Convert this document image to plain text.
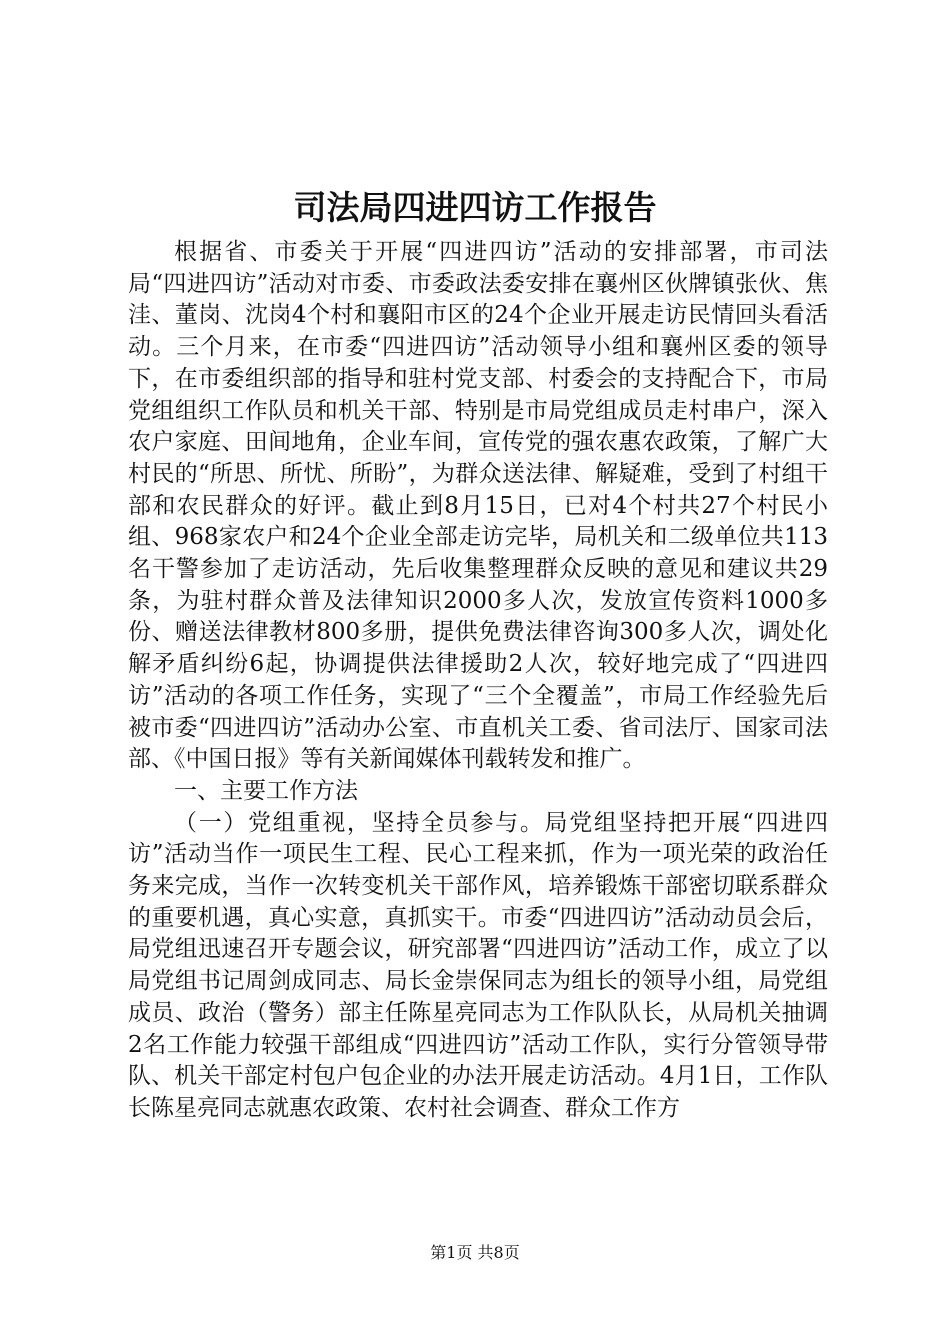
司法局四进四访工作报告

根据省、市委关于开展“四进四访”活动的安排部署，市司法局“四进四访”活动对市委、市委政法委安排在襄州区伙牌镇张伙、焦洼、董岗、沈岗4个村和襄阳市区的24个企业开展走访民情回头看活动。三个月来，在市委“四进四访”活动领导小组和襄州区委的领导下，在市委组织部的指导和驻村党支部、村委会的支持配合下，市局党组组织工作队员和机关干部、特别是市局党组成员走村串户，深入农户家庭、田间地角，企业车间，宣传党的强农惠农政策，了解广大村民的“所思、所忧、所盼”，为群众送法律、解疑难，受到了村组干部和农民群众的好评。截止到8月15日，已对4个村共27个村民小组、968家农户和24个企业全部走访完毕，局机关和二级单位共113名干警参加了走访活动，先后收集整理群众反映的意见和建议共29条，为驻村群众普及法律知识2000多人次，发放宣传资料1000多份、赠送法律教材800多册，提供免费法律咨询300多人次，调处化解矛盾纠纷6起，协调提供法律援助2人次，较好地完成了“四进四访”活动的各项工作任务，实现了“三个全覆盖”，市局工作经验先后被市委“四进四访”活动办公室、市直机关工委、省司法厅、国家司法部、《中国日报》等有关新闻媒体刊载转发和推广。

一、主要工作方法

（一）党组重视，坚持全员参与。局党组坚持把开展“四进四访”活动当作一项民生工程、民心工程来抓，作为一项光荣的政治任务来完成，当作一次转变机关干部作风，培养锻炼干部密切联系群众的重要机遇，真心实意，真抓实干。市委“四进四访”活动动员会后，局党组迅速召开专题会议，研究部署“四进四访”活动工作，成立了以局党组书记周剑成同志、局长金崇保同志为组长的领导小组，局党组成员、政治（警务）部主任陈星亮同志为工作队队长，从局机关抽调2名工作能力较强干部组成“四进四访”活动工作队，实行分管领导带队、机关干部定村包户包企业的办法开展走访活动。4月1日，工作队长陈星亮同志就惠农政策、农村社会调查、群众工作方

第1页 共8页
